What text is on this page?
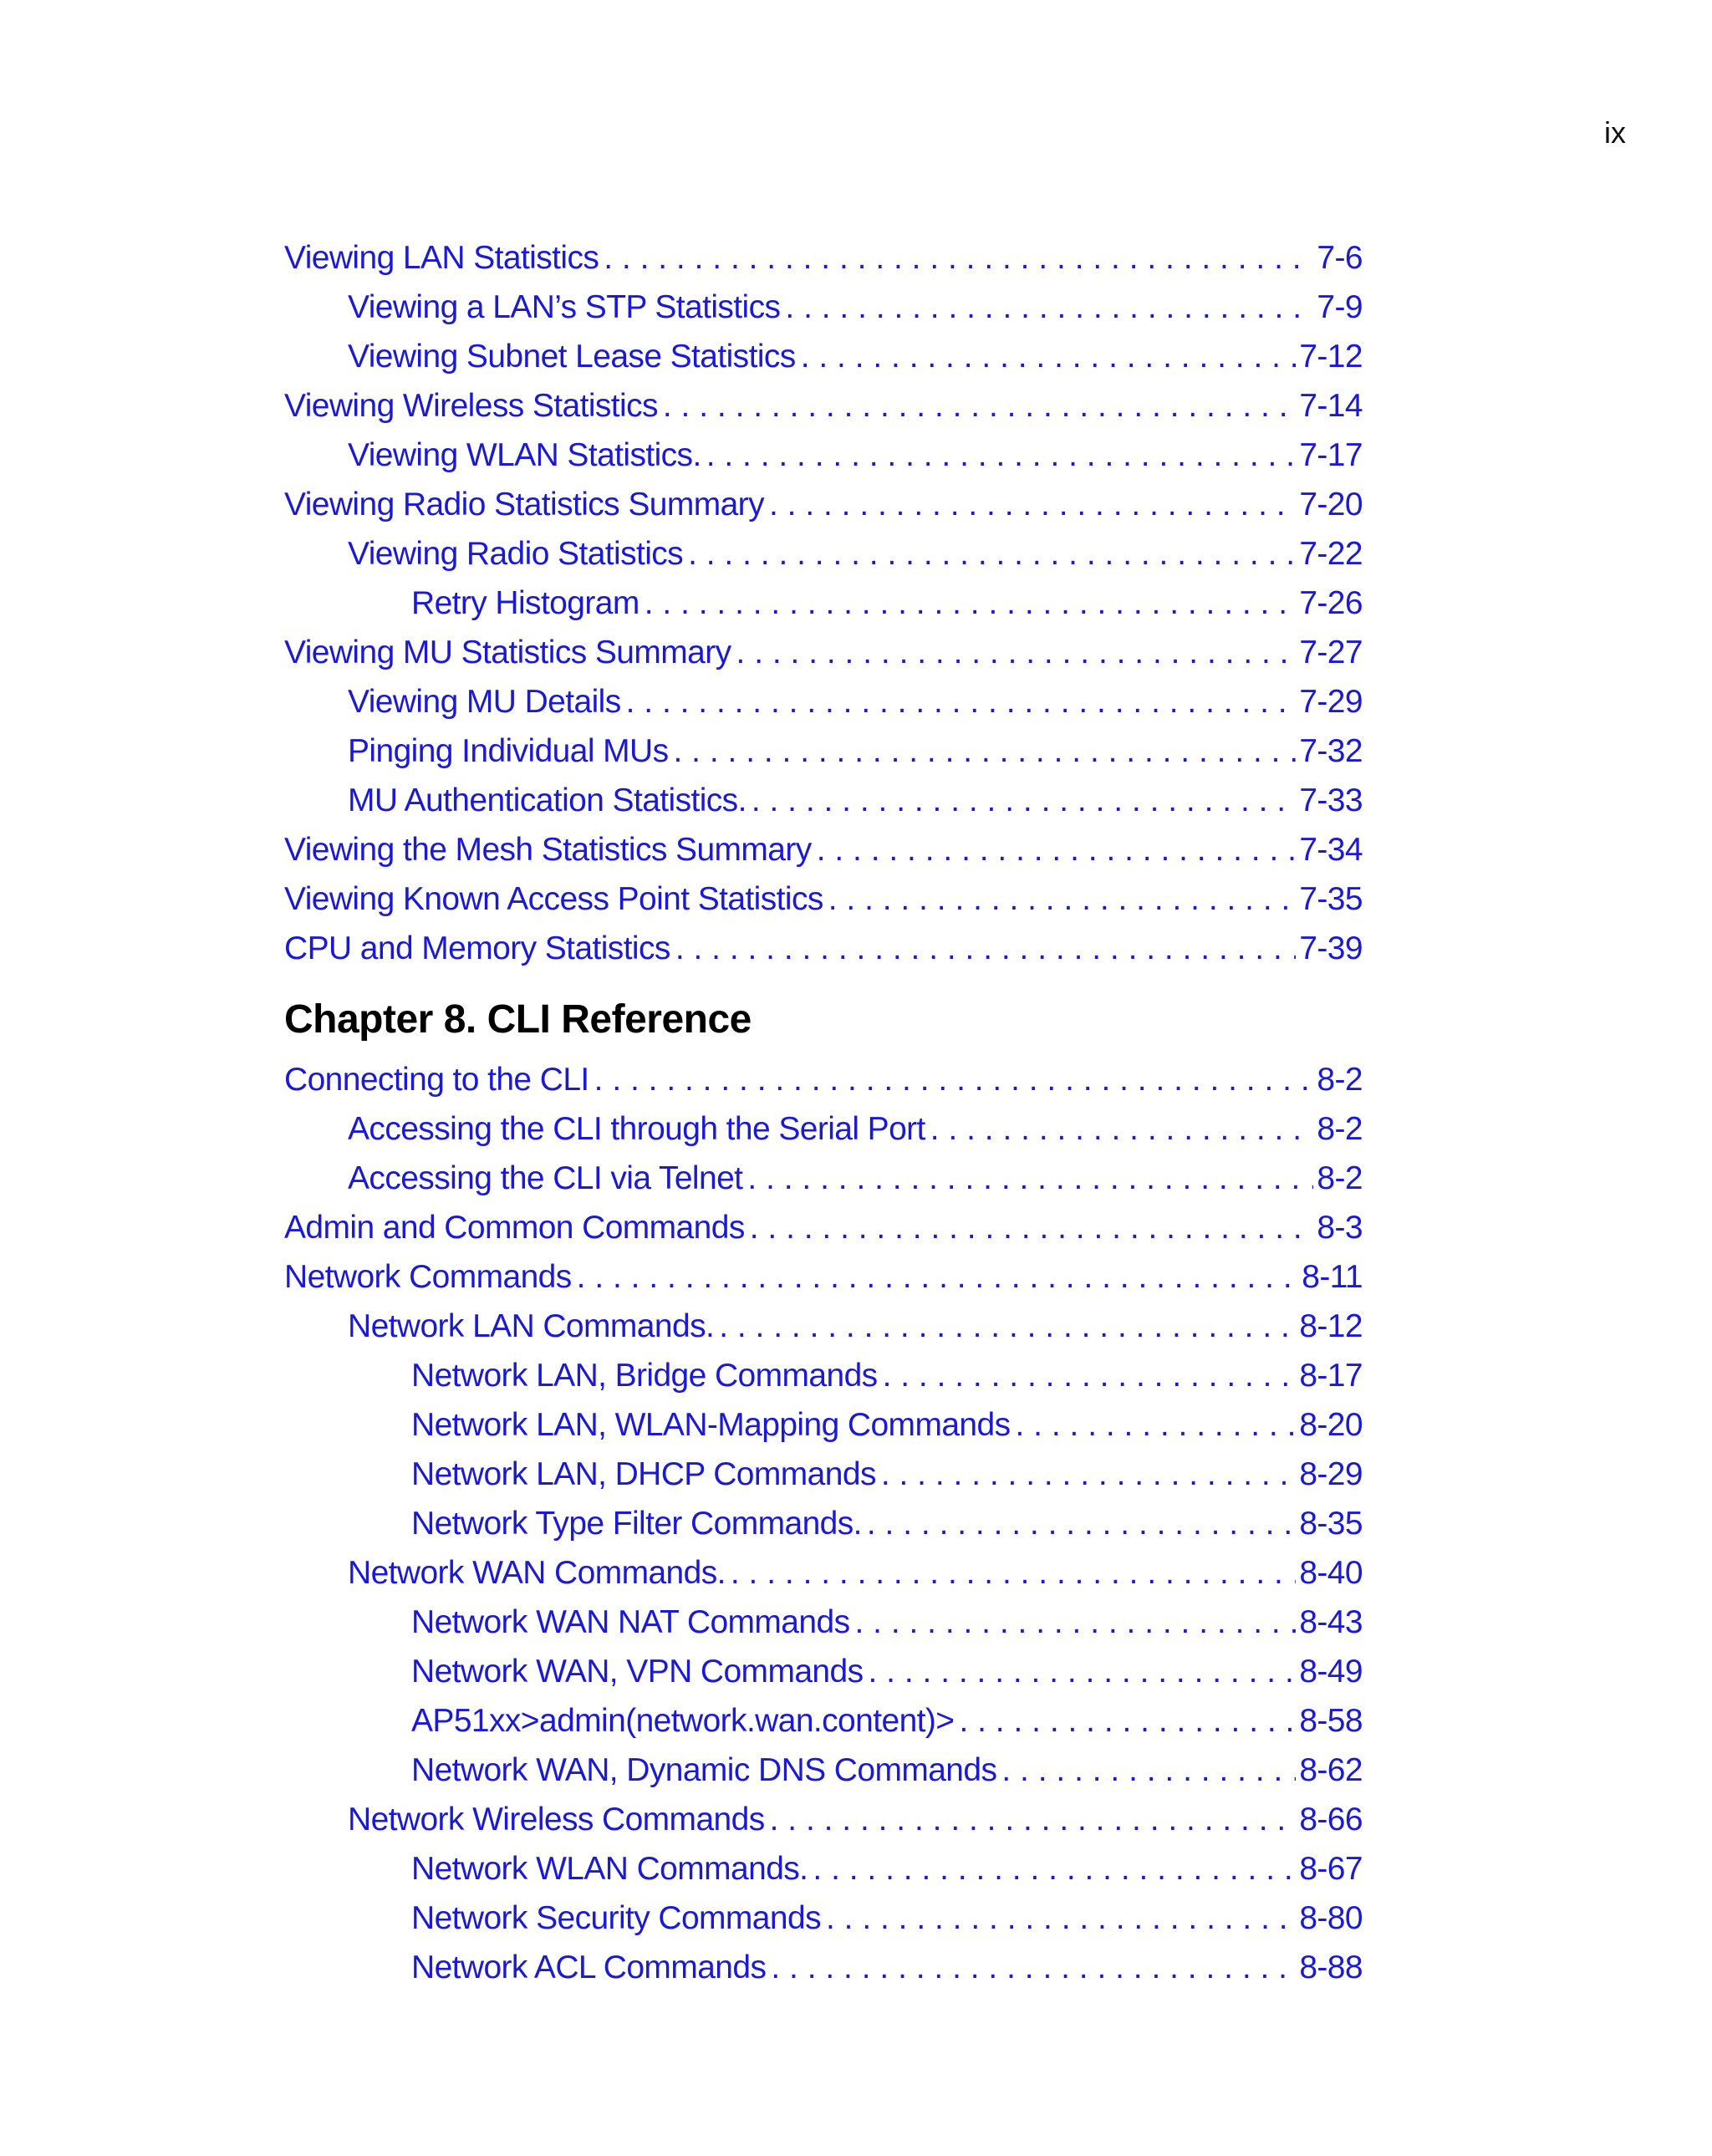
ix
Viewing LAN Statistics . . .	7-6
Viewing a LAN’s STP Statistics . . .	7-9
Viewing Subnet Lease Statistics . . .	7-12
Viewing Wireless Statistics . . .	7-14
Viewing WLAN Statistics. . . .	7-17
Viewing Radio Statistics Summary . . .	7-20
Viewing Radio Statistics . . .	7-22
Retry Histogram . . .	7-26
Viewing MU Statistics Summary . . .	7-27
Viewing MU Details . . .	7-29
Pinging Individual MUs . . .	7-32
MU Authentication Statistics. . . .	7-33
Viewing the Mesh Statistics Summary . . .	7-34
Viewing Known Access Point Statistics . . .	7-35
CPU and Memory Statistics . . .	7-39
Chapter 8. CLI Reference
Connecting to the CLI . . .	8-2
Accessing the CLI through the Serial Port . . .	8-2
Accessing the CLI via Telnet . . .	8-2
Admin and Common Commands . . .	8-3
Network Commands . . .	8-11
Network LAN Commands. . . .	8-12
Network LAN, Bridge Commands . . .	8-17
Network LAN, WLAN-Mapping Commands . . .	8-20
Network LAN, DHCP Commands . . .	8-29
Network Type Filter Commands. . . .	8-35
Network WAN Commands. . . .	8-40
Network WAN NAT Commands . . .	8-43
Network WAN, VPN Commands . . .	8-49
AP51xx>admin(network.wan.content)> . . .	8-58
Network WAN, Dynamic DNS Commands . . .	8-62
Network Wireless Commands . . .	8-66
Network WLAN Commands. . . .	8-67
Network Security Commands . . .	8-80
Network ACL Commands . . .	8-88
